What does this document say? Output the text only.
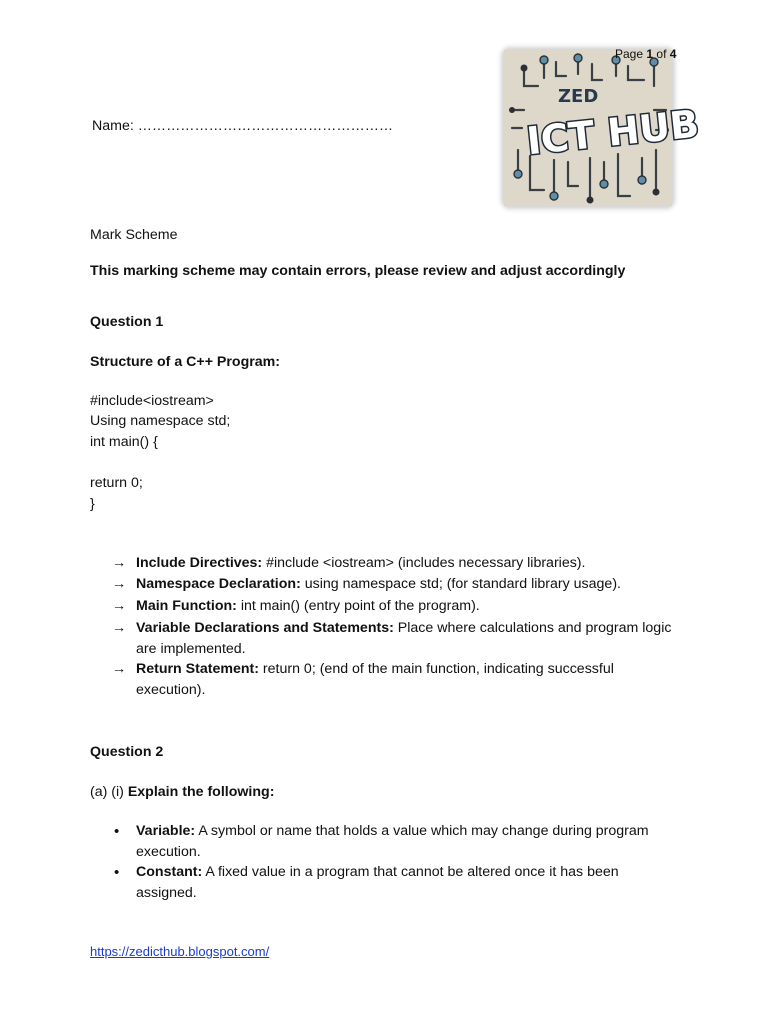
ZED
ICT HUB
Page 1 of 4
Name: ………………………………………………
Mark Scheme
This marking scheme may contain errors, please review and adjust accordingly
Question 1
Structure of a C++ Program:
#include<iostream>
Using namespace std;
int main() {
return 0;
}
→ Include Directives: #include <iostream> (includes necessary libraries).
→ Namespace Declaration: using namespace std; (for standard library usage).
→ Main Function: int main() (entry point of the program).
→ Variable Declarations and Statements: Place where calculations and program logic are implemented.
→ Return Statement: return 0; (end of the main function, indicating successful execution).
Question 2
(a) (i) Explain the following:
• Variable: A symbol or name that holds a value which may change during program execution.
• Constant: A fixed value in a program that cannot be altered once it has been assigned.
https://zedicthub.blogspot.com/
